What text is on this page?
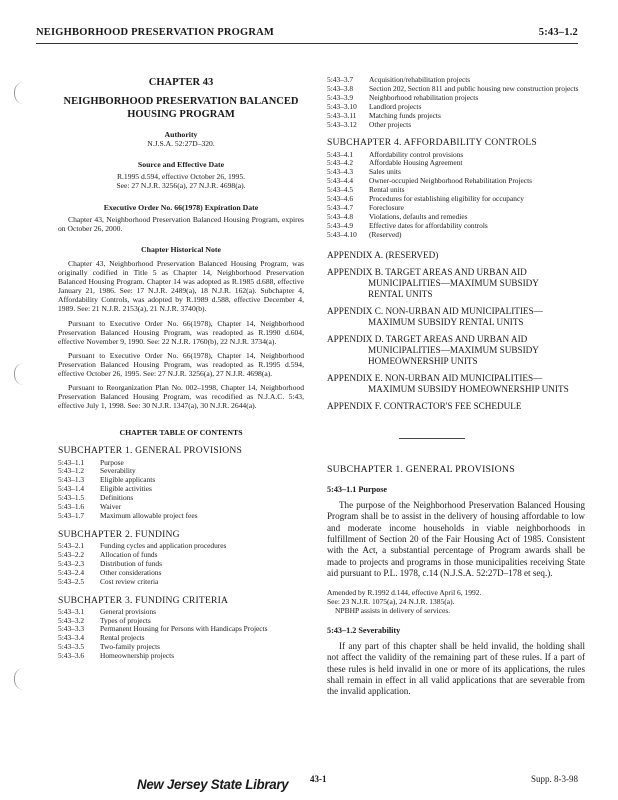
NEIGHBORHOOD PRESERVATION PROGRAM	5:43–1.2
CHAPTER 43
NEIGHBORHOOD PRESERVATION BALANCED HOUSING PROGRAM
Authority

N.J.S.A. 52:27D–320.

Source and Effective Date

R.1995 d.594, effective October 26, 1995.

See: 27 N.J.R. 3256(a), 27 N.J.R. 4698(a).

Executive Order No. 66(1978) Expiration Date

Chapter 43, Neighborhood Preservation Balanced Housing Program, expires on October 26, 2000.

Chapter Historical Note

Chapter 43, Neighborhood Preservation Balanced Housing Program, was originally codified in Title 5 as Chapter 14, Neighborhood Preservation Balanced Housing Program. Chapter 14 was adopted as R.1985 d.688, effective January 21, 1986. See: 17 N.J.R. 2489(a), 18 N.J.R. 162(a). Subchapter 4, Affordability Controls, was adopted by R.1989 d.588, effective December 4, 1989. See: 21 N.J.R. 2153(a), 21 N.J.R. 3740(b).

Pursuant to Executive Order No. 66(1978), Chapter 14, Neighborhood Preservation Balanced Housing Program, was readopted as R.1990 d.604, effective November 9, 1990. See: 22 N.J.R. 1760(b), 22 N.J.R. 3734(a).

Pursuant to Executive Order No. 66(1978), Chapter 14, Neighborhood Preservation Balanced Housing Program, was readopted as R.1995 d.594, effective October 26, 1995. See: 27 N.J.R. 3256(a), 27 N.J.R. 4698(a).

Pursuant to Reorganization Plan No. 002–1998, Chapter 14, Neighborhood Preservation Balanced Housing Program, was recodified as N.J.A.C. 5:43, effective July 1, 1998. See: 30 N.J.R. 1347(a), 30 N.J.R. 2644(a).

CHAPTER TABLE OF CONTENTS
SUBCHAPTER 1. GENERAL PROVISIONS
5:43–1.1	Purpose
5:43–1.2	Severability
5:43–1.3	Eligible applicants
5:43–1.4	Eligible activities
5:43–1.5	Definitions
5:43–1.6	Waiver
5:43–1.7	Maximum allowable project fees
SUBCHAPTER 2. FUNDING
5:43–2.1	Funding cycles and application procedures
5:43–2.2	Allocation of funds
5:43–2.3	Distribution of funds
5:43–2.4	Other considerations
5:43–2.5	Cost review criteria
SUBCHAPTER 3. FUNDING CRITERIA
5:43–3.1	General provisions
5:43–3.2	Types of projects
5:43–3.3	Permanent Housing for Persons with Handicaps Projects
5:43–3.4	Rental projects
5:43–3.5	Two-family projects
5:43–3.6	Homeownership projects
5:43–3.7	Acquisition/rehabilitation projects
5:43–3.8	Section 202, Section 811 and public housing new construction projects
5:43–3.9	Neighborhood rehabilitation projects
5:43–3.10	Landlord projects
5:43–3.11	Matching funds projects
5:43–3.12	Other projects
SUBCHAPTER 4. AFFORDABILITY CONTROLS
5:43–4.1	Affordability control provisions
5:43–4.2	Affordable Housing Agreement
5:43–4.3	Sales units
5:43–4.4	Owner-occupied Neighborhood Rehabilitation Projects
5:43–4.5	Rental units
5:43–4.6	Procedures for establishing eligibility for occupancy
5:43–4.7	Foreclosure
5:43–4.8	Violations, defaults and remedies
5:43–4.9	Effective dates for affordability controls
5:43–4.10	(Reserved)
APPENDIX A. (RESERVED)
APPENDIX B. TARGET AREAS AND URBAN AID
MUNICIPALITIES—MAXIMUM SUBSIDY
RENTAL UNITS
APPENDIX C. NON-URBAN AID MUNICIPALITIES—
MAXIMUM SUBSIDY RENTAL UNITS
APPENDIX D. TARGET AREAS AND URBAN AID
MUNICIPALITIES—MAXIMUM SUBSIDY
HOMEOWNERSHIP UNITS
APPENDIX E. NON-URBAN AID MUNICIPALITIES—
MAXIMUM SUBSIDY HOMEOWNERSHIP UNITS
APPENDIX F. CONTRACTOR'S FEE SCHEDULE
SUBCHAPTER 1. GENERAL PROVISIONS
5:43–1.1 Purpose

The purpose of the Neighborhood Preservation Balanced Housing Program shall be to assist in the delivery of housing affordable to low and moderate income households in viable neighborhoods in fulfillment of Section 20 of the Fair Housing Act of 1985. Consistent with the Act, a substantial percentage of Program awards shall be made to projects and programs in those municipalities receiving State aid pursuant to P.L. 1978, c.14 (N.J.S.A. 52:27D–178 et seq.).

Amended by R.1992 d.144, effective April 6, 1992.

See: 23 N.J.R. 1075(a), 24 N.J.R. 1385(a).

NPBHP assists in delivery of services.

5:43–1.2 Severability

If any part of this chapter shall be held invalid, the holding shall not affect the validity of the remaining part of these rules. If a part of these rules is held invalid in one or more of its applications, the rules shall remain in effect in all valid applications that are severable from the invalid application.

New Jersey State Library 43-1	Supp. 8-3-98
